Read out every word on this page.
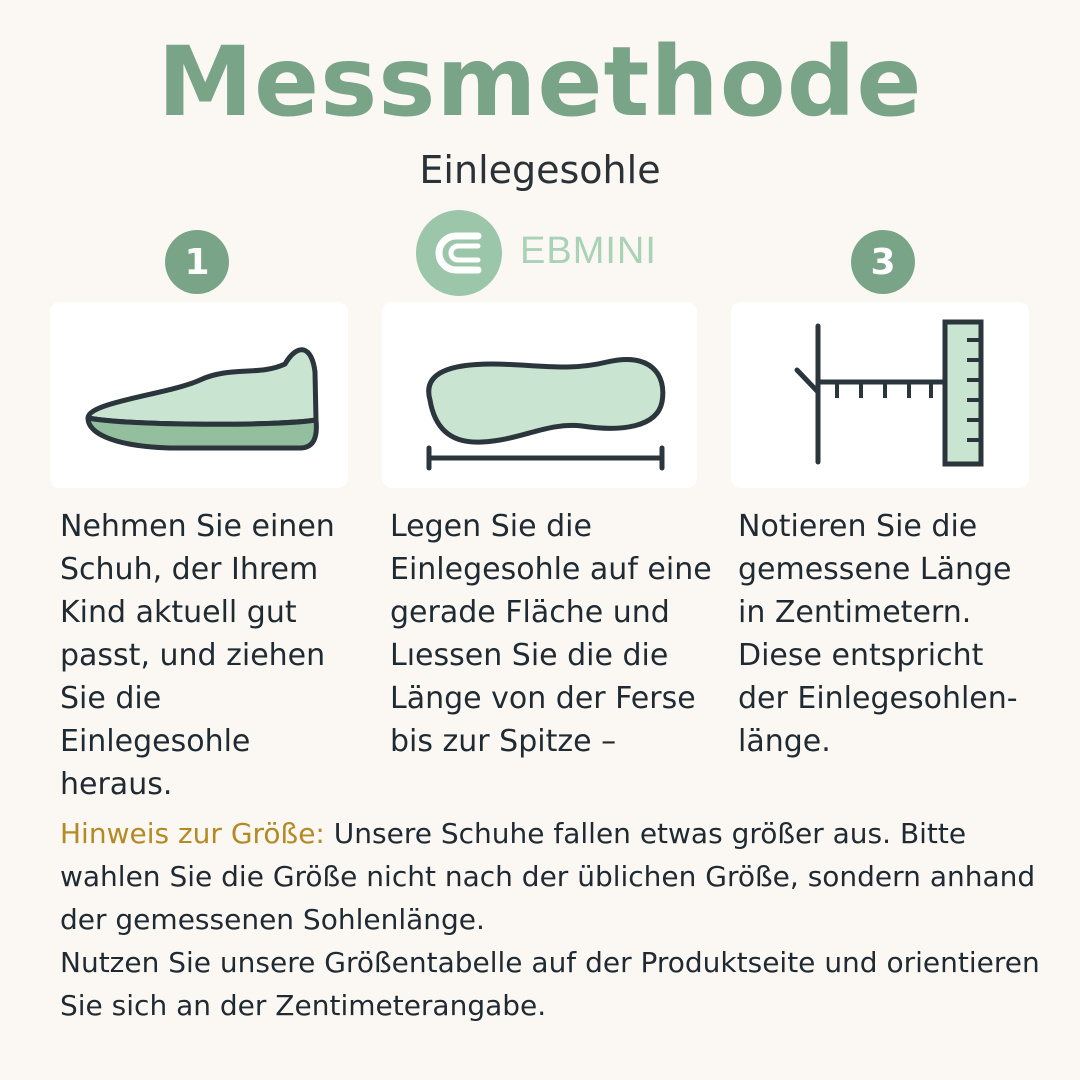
Messmethode
Einlegesohle
1	3
EBMINI
Nehmen Sie einen
Schuh, der Ihrem
Kind aktuell gut
passt, und ziehen
Sie die Einlegesohle
heraus.
Legen Sie die
Einlegesohle auf eine
gerade Fläche und
Lıessen Sie die die
Länge von der Ferse
bis zur Spitze –
Notieren Sie die
gemessene Länge
in Zentimetern.
Diese entspricht
der Einlegesohlen-
länge.
Hinweis zur Größe: Unsere Schuhe fallen etwas größer aus. Bitte wahlen Sie die Größe nicht nach der üblichen Größe, sondern anhand der gemessenen Sohlenlänge.
Nutzen Sie unsere Größentabelle auf der Produktseite und orientieren Sie sich an der Zentimeterangabe.
